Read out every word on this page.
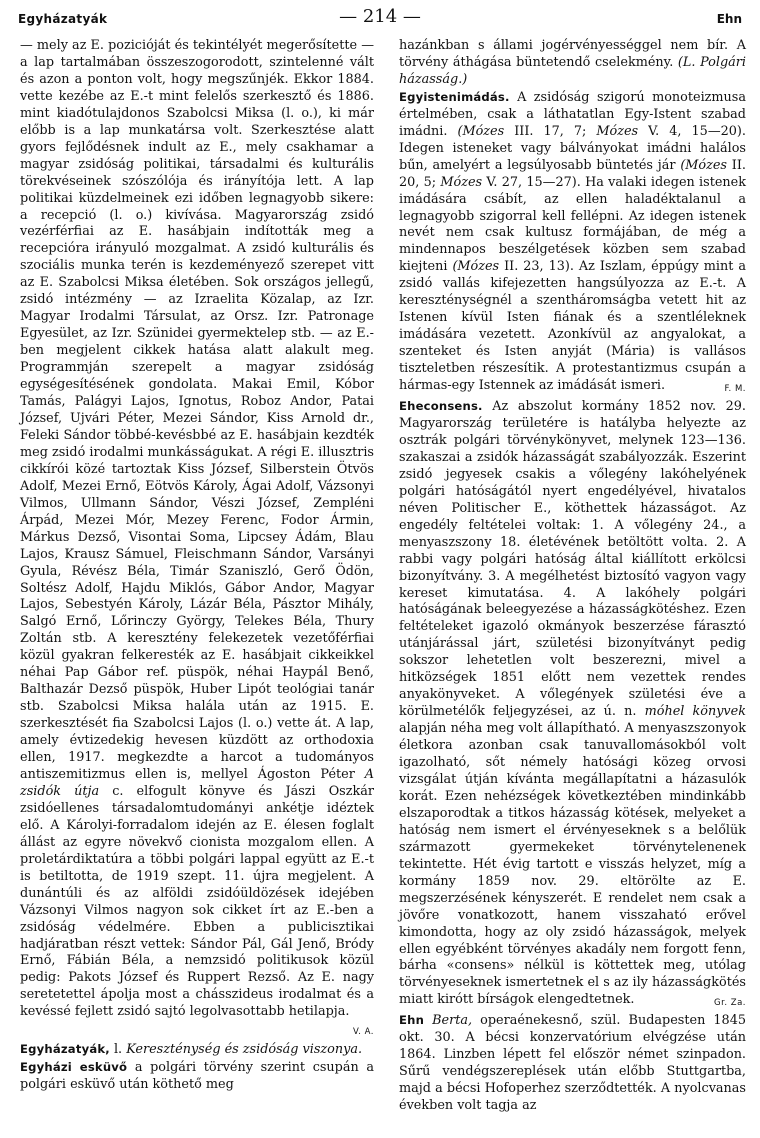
Egyházatyák	— 214 —	Ehn

— mely az E. pozicióját és tekintélyét megerősítette — a lap tartalmában összeszogorodott, szintelenné vált és azon a ponton volt, hogy megszűnjék. Ekkor 1884. vette kezébe az E.-t mint felelős szerkesztő és 1886. mint kiadótulajdonos Szabolcsi Miksa (l. o.), ki már előbb is a lap munkatársa volt. Szerkesztése alatt gyors fejlődésnek indult az E., mely csakhamar a magyar zsidóság politikai, társadalmi és kulturális törekvéseinek szószólója és irányítója lett. A lap politikai küzdelmeinek ezi időben legnagyobb sikere: a recepció (l. o.) kivívása. Magyarország zsidó vezérférfiai az E. hasábjain indították meg a recepcióra irányuló mozgalmat. A zsidó kulturális és szociális munka terén is kezdeményező szerepet vitt az E. Szabolcsi Miksa életében. Sok országos jellegű, zsidó intézmény — az Izraelita Közalap, az Izr. Magyar Irodalmi Társulat, az Orsz. Izr. Patronage Egyesület, az Izr. Szünidei gyermektelep stb. — az E.-ben megjelent cikkek hatása alatt alakult meg. Programmján szerepelt a magyar zsidóság egységesítésének gondolata. Makai Emil, Kóbor Tamás, Palágyi Lajos, Ignotus, Roboz Andor, Patai József, Ujvári Péter, Mezei Sándor, Kiss Arnold dr., Feleki Sándor többé-kevésbbé az E. hasábjain kezdték meg zsidó irodalmi munkásságukat. A régi E. illusztris cikkírói közé tartoztak Kiss József, Silberstein Ötvös Adolf, Mezei Ernő, Eötvös Károly, Ágai Adolf, Vázsonyi Vilmos, Ullmann Sándor, Vészi József, Zempléni Árpád, Mezei Mór, Mezey Ferenc, Fodor Ármin, Márkus Dezső, Visontai Soma, Lipcsey Ádám, Blau Lajos, Krausz Sámuel, Fleischmann Sándor, Varsányi Gyula, Révész Béla, Timár Szaniszló, Gerő Ödön, Soltész Adolf, Hajdu Miklós, Gábor Andor, Magyar Lajos, Sebestyén Károly, Lázár Béla, Pásztor Mihály, Salgó Ernő, Lőrinczy György, Telekes Béla, Thury Zoltán stb. A keresztény felekezetek vezetőférfiai közül gyakran felkeresték az E. hasábjait cikkeikkel néhai Pap Gábor ref. püspök, néhai Haypál Benő, Balthazár Dezső püspök, Huber Lipót teológiai tanár stb. Szabolcsi Miksa halála után az 1915. E. szerkesztését fia Szabolcsi Lajos (l. o.) vette át. A lap, amely évtizedekig hevesen küzdött az orthodoxia ellen, 1917. megkezdte a harcot a tudományos antiszemitizmus ellen is, mellyel Ágoston Péter A zsidók útja c. elfogult könyve és Jászi Oszkár zsidóellenes társadalomtudományi ankétje idéztek elő. A Károlyi-forradalom idején az E. élesen foglalt állást az egyre növekvő cionista mozgalom ellen. A proletárdiktatúra a többi polgári lappal együtt az E.-t is betiltotta, de 1919 szept. 11. újra megjelent. A dunántúli és az alföldi zsidóüldözések idejében Vázsonyi Vilmos nagyon sok cikket írt az E.-ben a zsidóság védelmére. Ebben a publicisztikai hadjáratban részt vettek: Sándor Pál, Gál Jenő, Bródy Ernő, Fábián Béla, a nemzsidó politikusok közül pedig: Pakots József és Ruppert Rezső. Az E. nagy seretetettel ápolja most a chásszideus irodalmat és a kevéssé fejlett zsidó sajtó legolvasottabb hetilapja.
V. A.

Egyházatyák, l. Kereszténység és zsidóság viszonya.

Egyházi esküvő a polgári törvény szerint csupán a polgári esküvő után köthető meg

hazánkban s állami jogérvényességgel nem bír. A törvény áthágása büntetendő cselekmény. (L. Polgári házasság.)

Egyistenimádás. A zsidóság szigorú monoteizmusa értelmében, csak a láthatatlan Egy-Istent szabad imádni. (Mózes III. 17, 7; Mózes V. 4, 15—20). Idegen isteneket vagy bálványokat imádni halálos bűn, amelyért a legsúlyosabb büntetés jár (Mózes II. 20, 5; Mózes V. 27, 15—27). Ha valaki idegen istenek imádására csábít, az ellen haladéktalanul a legnagyobb szigorral kell fellépni. Az idegen istenek nevét nem csak kultusz formájában, de még a mindennapos beszélgetések közben sem szabad kiejteni (Mózes II. 23, 13). Az Iszlam, éppúgy mint a zsidó vallás kifejezetten hangsúlyozza az E.-t. A kereszténységnél a szentháromságba vetett hit az Istenen kívül Isten fiának és a szentléleknek imádására vezetett. Azonkívül az angyalokat, a szenteket és Isten anyját (Mária) is vallásos tiszteletben részesítik. A protestantizmus csupán a hármas-egy Istennek az imádását ismeri.	F. M.

Eheconsens. Az abszolut kormány 1852 nov. 29. Magyarország területére is hatályba helyezte az osztrák polgári törvénykönyvet, melynek 123—136. szakaszai a zsidók házasságát szabályozzák. Eszerint zsidó jegyesek csakis a vőlegény lakóhelyének polgári hatóságától nyert engedélyével, hivatalos néven Politischer E., köthettek házasságot. Az engedély feltételei voltak: 1. A vőlegény 24., a menyaszszony 18. életévének betöltött volta. 2. A rabbi vagy polgári hatóság által kiállított erkölcsi bizonyítvány. 3. A megélhetést biztosító vagyon vagy kereset kimutatása. 4. A lakóhely polgári hatóságának beleegyezése a házasságkötéshez. Ezen feltételeket igazoló okmányok beszerzése fárasztó utánjárással járt, születési bizonyítványt pedig sokszor lehetetlen volt beszerezni, mivel a hitközségek 1851 előtt nem vezettek rendes anyakönyveket. A vőlegények születési éve a körülmetélők feljegyzései, az ú. n. móhel könyvek alapján néha meg volt állapítható. A menyaszszonyok életkora azonban csak tanuvallomásokból volt igazolható, sőt némely hatósági közeg orvosi vizsgálat útján kívánta megállapítatni a házasulók korát. Ezen nehézségek következtében mindinkább elszaporodtak a titkos házasság kötések, melyeket a hatóság nem ismert el érvényeseknek s a belőlük származott gyermekeket törvénytelenenek tekintette. Hét évig tartott e visszás helyzet, míg a kormány 1859 nov. 29. eltörölte az E. megszerzésének kényszerét. E rendelet nem csak a jövőre vonatkozott, hanem visszaható erővel kimondotta, hogy az oly zsidó házasságok, melyek ellen egyébként törvényes akadály nem forgott fenn, bárha «consens» nélkül is köttettek meg, utólag törvényeseknek ismertetnek el s az ily házasságkötés miatt kirótt bírságok elengedtetnek.	Gr. Za.

Ehn Berta, operaénekesnő, szül. Budapesten 1845 okt. 30. A bécsi konzervatórium elvégzése után 1864. Linzben lépett fel először német szinpadon. Sűrű vendégszereplések után előbb Stuttgartba, majd a bécsi Hofoperhez szerződtették. A nyolcvanas években volt tagja az
